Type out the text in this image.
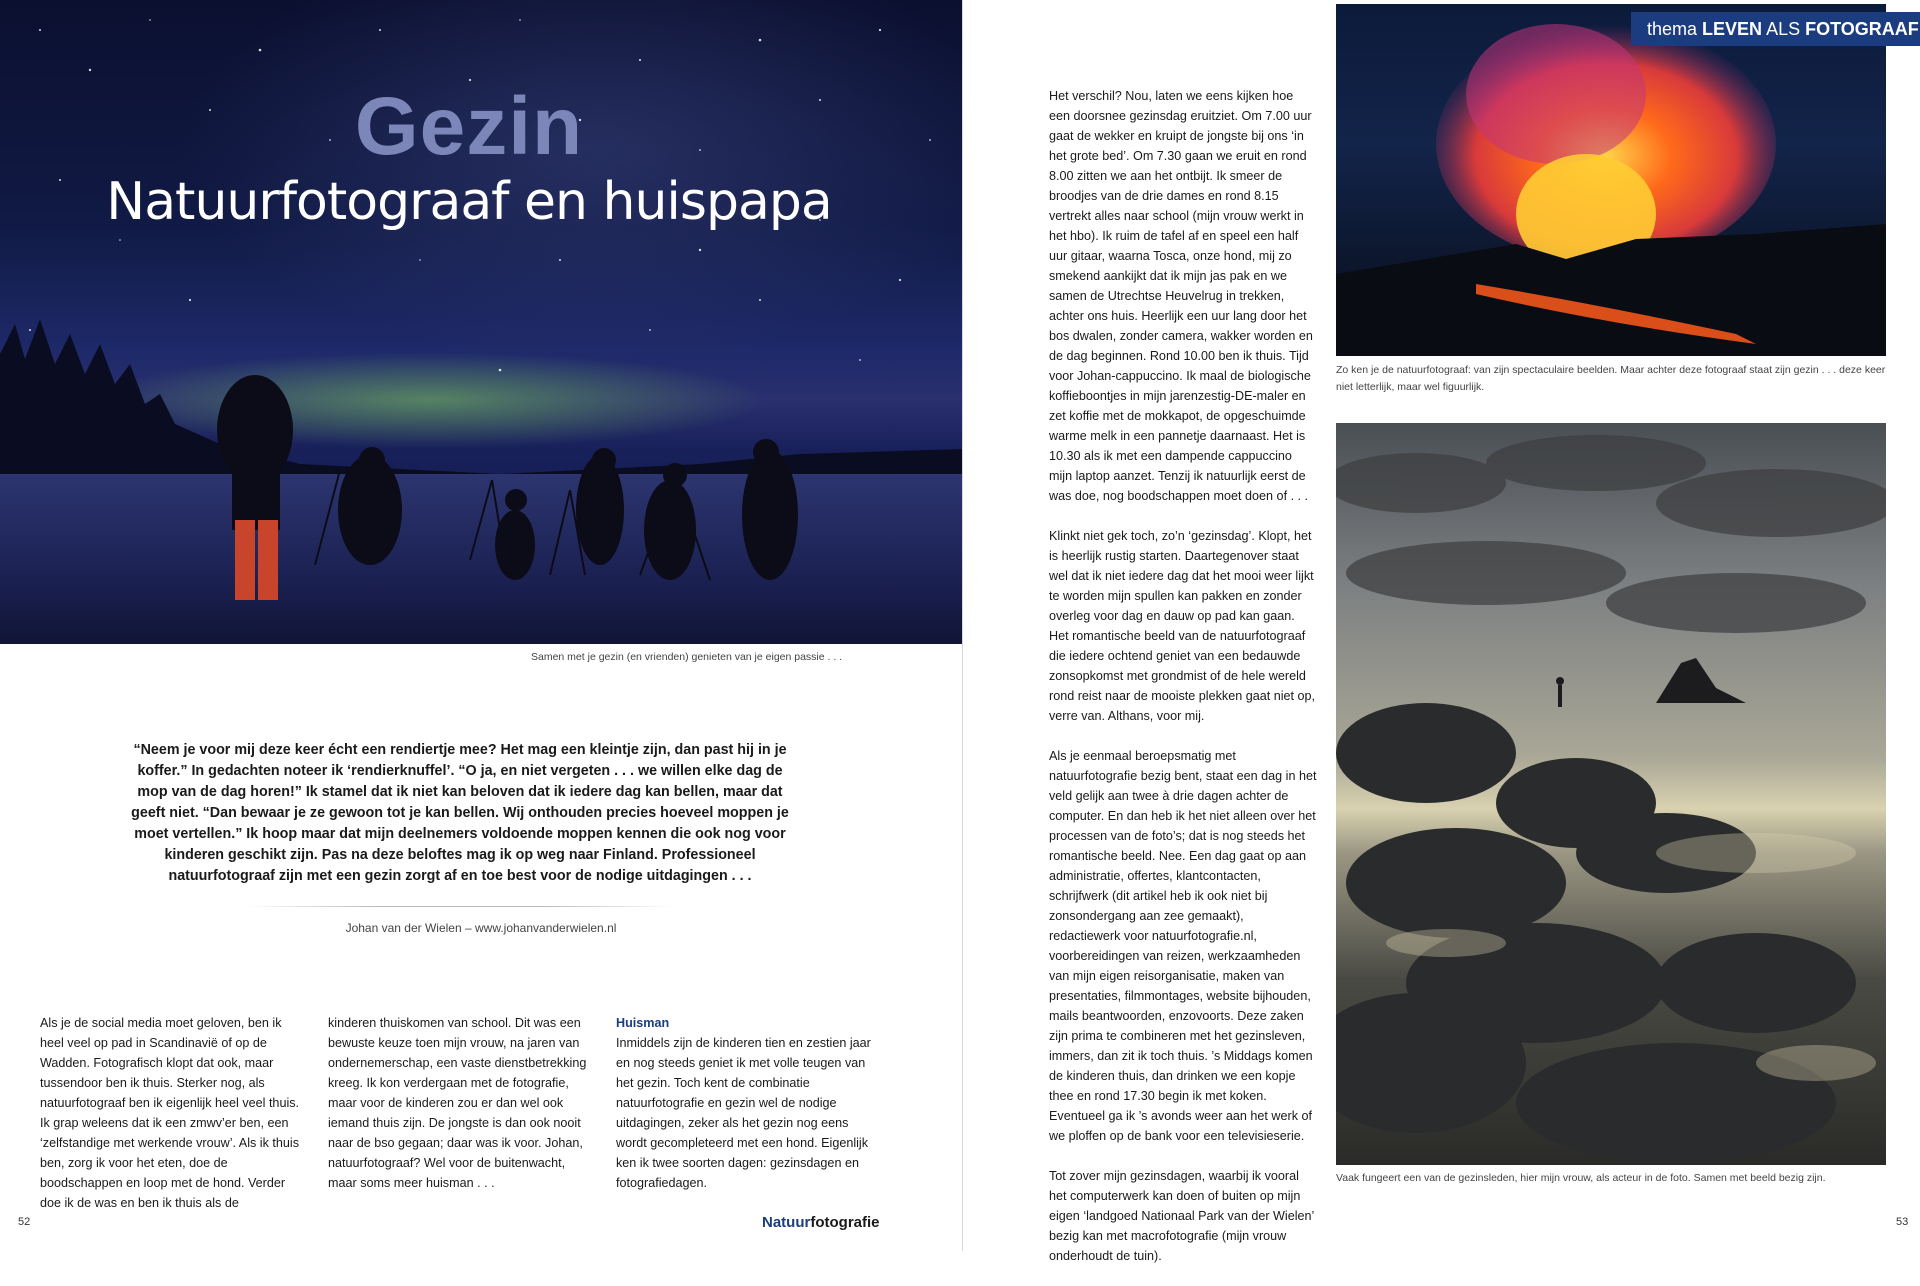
Gezin
Natuurfotograaf en huispapa
Samen met je gezin (en vrienden) genieten van je eigen passie . . .
“Neem je voor mij deze keer écht een rendiertje mee? Het mag een kleintje zijn, dan past hij in je koffer.” In gedachten noteer ik ‘rendierknuffel’. “O ja, en niet vergeten . . . we willen elke dag de mop van de dag horen!” Ik stamel dat ik niet kan beloven dat ik iedere dag kan bellen, maar dat geeft niet. “Dan bewaar je ze gewoon tot je kan bellen. Wij onthouden precies hoeveel moppen je moet vertellen.” Ik hoop maar dat mijn deelnemers voldoende moppen kennen die ook nog voor kinderen geschikt zijn. Pas na deze beloftes mag ik op weg naar Finland. Professioneel natuurfotograaf zijn met een gezin zorgt af en toe best voor de nodige uitdagingen . . .
Johan van der Wielen – www.johanvanderwielen.nl
Als je de social media moet geloven, ben ik heel veel op pad in Scandinavië of op de Wadden. Fotografisch klopt dat ook, maar tussendoor ben ik thuis. Sterker nog, als natuurfotograaf ben ik eigenlijk heel veel thuis. Ik grap weleens dat ik een zmwv’er ben, een ‘zelfstandige met werkende vrouw’. Als ik thuis ben, zorg ik voor het eten, doe de boodschappen en loop met de hond. Verder doe ik de was en ben ik thuis als de
kinderen thuiskomen van school. Dit was een bewuste keuze toen mijn vrouw, na jaren van ondernemerschap, een vaste dienstbetrekking kreeg. Ik kon verdergaan met de fotografie, maar voor de kinderen zou er dan wel ook iemand thuis zijn. De jongste is dan ook nooit naar de bso gegaan; daar was ik voor. Johan, natuurfotograaf? Wel voor de buitenwacht, maar soms meer huisman . . .
Huisman
Inmiddels zijn de kinderen tien en zestien jaar en nog steeds geniet ik met volle teugen van het gezin. Toch kent de combinatie natuurfotografie en gezin wel de nodige uitdagingen, zeker als het gezin nog eens wordt gecompleteerd met een hond. Eigenlijk ken ik twee soorten dagen: gezinsdagen en fotografiedagen.
52	Natuurfotografie

Het verschil? Nou, laten we eens kijken hoe een doorsnee gezinsdag eruitziet. Om 7.00 uur gaat de wekker en kruipt de jongste bij ons ‘in het grote bed’. Om 7.30 gaan we eruit en rond 8.00 zitten we aan het ontbijt. Ik smeer de broodjes van de drie dames en rond 8.15 vertrekt alles naar school (mijn vrouw werkt in het hbo). Ik ruim de tafel af en speel een half uur gitaar, waarna Tosca, onze hond, mij zo smekend aankijkt dat ik mijn jas pak en we samen de Utrechtse Heuvelrug in trekken, achter ons huis. Heerlijk een uur lang door het bos dwalen, zonder camera, wakker worden en de dag beginnen. Rond 10.00 ben ik thuis. Tijd voor Johan-cappuccino. Ik maal de biologische koffieboontjes in mijn jarenzestig-DE-maler en zet koffie met de mokkapot, de opgeschuimde warme melk in een pannetje daarnaast. Het is 10.30 als ik met een dampende cappuccino mijn laptop aanzet. Tenzij ik natuurlijk eerst de was doe, nog boodschappen moet doen of . . .

Klinkt niet gek toch, zo’n ‘gezinsdag’. Klopt, het is heerlijk rustig starten. Daartegenover staat wel dat ik niet iedere dag dat het mooi weer lijkt te worden mijn spullen kan pakken en zonder overleg voor dag en dauw op pad kan gaan. Het romantische beeld van de natuurfotograaf die iedere ochtend geniet van een bedauwde zonsopkomst met grondmist of de hele wereld rond reist naar de mooiste plekken gaat niet op, verre van. Althans, voor mij.

Als je eenmaal beroepsmatig met natuurfotografie bezig bent, staat een dag in het veld gelijk aan twee à drie dagen achter de computer. En dan heb ik het niet alleen over het processen van de foto’s; dat is nog steeds het romantische beeld. Nee. Een dag gaat op aan administratie, offertes, klantcontacten, schrijfwerk (dit artikel heb ik ook niet bij zonsondergang aan zee gemaakt), redactiewerk voor natuurfotografie.nl, voorbereidingen van reizen, werkzaamheden van mijn eigen reisorganisatie, maken van presentaties, filmmontages, website bijhouden, mails beantwoorden, enzovoorts. Deze zaken zijn prima te combineren met het gezinsleven, immers, dan zit ik toch thuis. ’s Middags komen de kinderen thuis, dan drinken we een kopje thee en rond 17.30 begin ik met koken. Eventueel ga ik ’s avonds weer aan het werk of we ploffen op de bank voor een televisieserie.

Tot zover mijn gezinsdagen, waarbij ik vooral het computerwerk kan doen of buiten op mijn eigen ‘landgoed Nationaal Park van der Wielen’ bezig kan met macrofotografie (mijn vrouw onderhoudt de tuin).

Zo ken je de natuurfotograaf: van zijn spectaculaire beelden. Maar achter deze fotograaf staat zijn gezin . . . deze keer niet letterlijk, maar wel figuurlijk.
Vaak fungeert een van de gezinsleden, hier mijn vrouw, als acteur in de foto. Samen met beeld bezig zijn.
thema LEVEN ALS FOTOGRAAF
53
